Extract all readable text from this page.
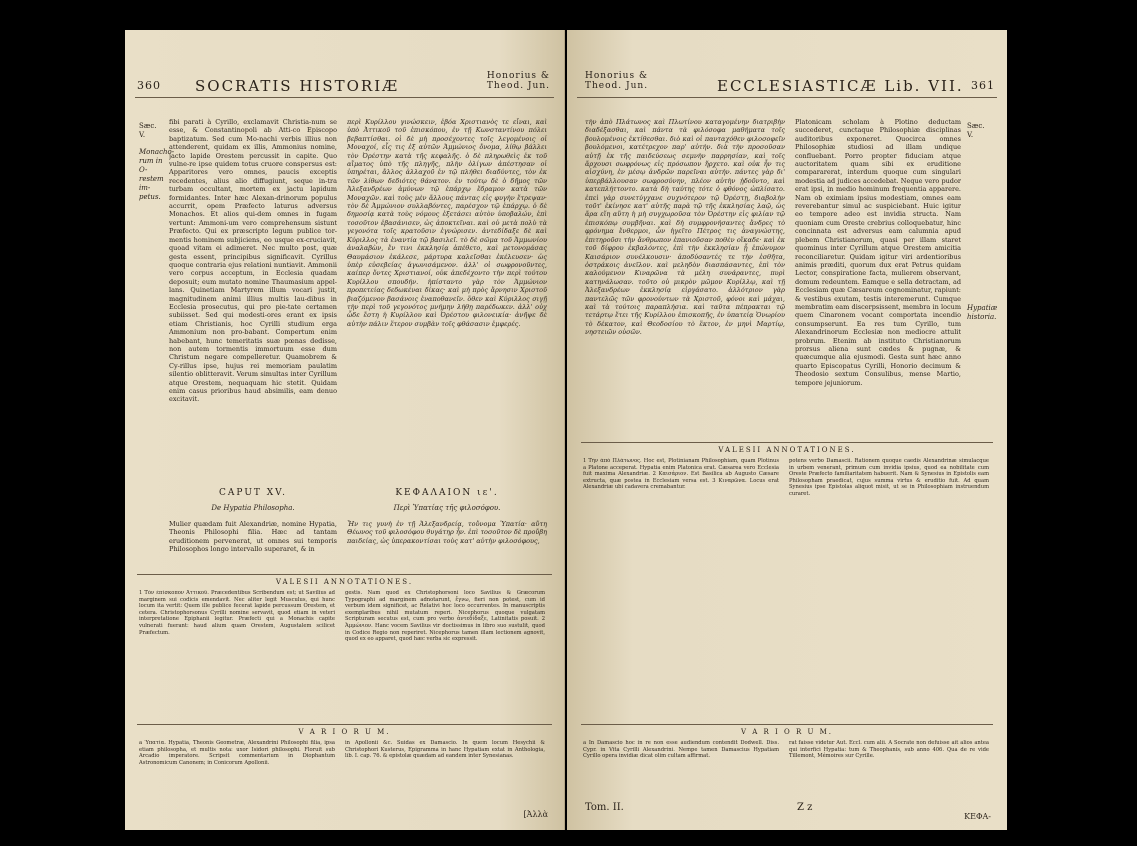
360 SOCRATIS HISTORIÆ
Honorius &
Theod. Jun.
Sæc.
V.
Monacho-
rum in O-
restem im-
petus.

fibi parati à Cyrillo, exclamavit Christia-num se esse, & Constantinopoli ab Atti-co Episcopo baptizatum. Sed cum Mo-nachi verbis illius non attenderent, quidam ex illis, Ammonius nomine, jacto lapide Orestem percussit in capite. Quo vulne-re ipse quidem totus cruore conspersus est: Apparitores vero omnes, paucis exceptis recedentes, alius alio diffugiunt, seque in-tra turbam occultant, mortem ex jactu lapidum formidantes. Inter hæc Alexan-drinorum populus accurrit, opem Præfecto laturus adversus Monachos. Et alios qui-dem omnes in fugam vertunt: Ammoni-um vero comprehensum sistunt Præfecto. Qui ex præscripto legum publice tor-mentis hominem subjiciens, eo usque ex-cruciavit, quoad vitam ei adimeret. Nec multo post, quæ gesta essent, principibus significavit. Cyrillus quoque contraria ejus relationi nuntiavit. Ammonii vero corpus acceptum, in Ecclesia quadam deposuit; eum mutato nomine Thaumasium appel-lans. Quinetiam Martyrem illum vocari justit, magnitudinem animi illius multis lau-dibus in Ecclesia prosecutus, qui pro pie-tate certamen subiisset. Sed qui modesti-ores erant ex ipsis etiam Christianis, hoc Cyrilli studium erga Ammonium non pro-babant. Compertum enim habebant, hunc temeritatis suæ pœnas dedisse, non autem tormentis immortuum esse dum Christum negare compelleretur. Quamobrem & Cy-rillus ipse, hujus rei memoriam paulatim silentio oblitteravit. Verum simultas inter Cyrillum atque Orestem, nequaquam hic stetit. Quidam enim casus prioribus haud absimilis, eam denuo excitavit.

περὶ Κυρίλλου γινώσκειν, ἐβόα Χριστιανὸς τε εἶναι, καὶ ὑπὸ Ἀττικοῦ τοῦ ἐπισκόπου, ἐν τῇ Κωνσταντίνου πόλει βεβαπτίσθαι. οἱ δὲ μὴ προσέχοντες τοῖς λεγομένοις οἱ Μοναχοί, εἷς τις ἐξ αὐτῶν Ἀμμώνιος ὄνομα, λίθῳ βάλλει τὸν Ὀρέστην κατὰ τῆς κεφαλῆς. ὁ δὲ πληρωθεὶς ἐκ τοῦ αἵματος ὑπὸ τῆς πληγῆς, πλὴν ὀλίγων ἀπέστησαν οἱ ὑπηρέται, ἄλλος ἀλλαχοῦ ἐν τῷ πλήθει διαδύντες, τὸν ἐκ τῶν λίθων δεδιότες θάνατον. ἐν τούτῳ δὲ ὁ δῆμος τῶν Ἀλεξανδρέων ἀμύνων τῷ ἐπάρχῳ ἔδραμον κατὰ τῶν Μοναχῶν. καὶ τοὺς μὲν ἄλλους πάντας εἰς φυγὴν ἔτρεψαν· τὸν δὲ Ἀμμώνιον συλλαβόντες, παρέσχον τῷ ἐπάρχῳ. ὁ δὲ δημοσίᾳ κατὰ τοὺς νόμους ἐξετάσει αὐτὸν ὑποβαλών, ἐπὶ τοσοῦτον ἐβασάνισεν, ὡς ἀποκτεῖναι. καὶ οὐ μετὰ πολὺ τὰ γεγονότα τοῖς κρατοῦσιν ἐγνώρισεν. ἀντεδίδαξε δὲ καὶ Κύριλλος τὰ ἐναντία τῷ βασιλεῖ. τὸ δὲ σῶμα τοῦ Ἀμμωνίου ἀναλαβὼν, ἔν τινι ἐκκλησίᾳ ἀπέθετο, καὶ μετονομάσας Θαυμάσιον ἐκάλεσε, μάρτυρα καλεῖσθαι ἐκέλευσεν· ὡς ὑπὲρ εὐσεβείας ἀγωνισάμενον. ἀλλ' οἱ σωφρονοῦντες, καίπερ ὄντες Χριστιανοί, οὐκ ἀπεδέχοντο τὴν περὶ τούτου Κυρίλλου σπουδήν. ἠπίσταντο γὰρ τὸν Ἀμμώνιον προπετείας δεδωκέναι δίκας· καὶ μὴ πρὸς ἄρνησιν Χριστοῦ βιαζόμενον βασάνοις ἐναποθανεῖν. ὅθεν καὶ Κύριλλος σιγῇ τὴν περὶ τοῦ γεγονότος μνήμην λήθῃ παρέδωκεν. ἀλλ' οὐχ ὧδε ἔστη ἡ Κυρίλλου καὶ Ὀρέστου φιλονεικία· ἀνῆψε δὲ αὐτὴν πάλιν ἕτερον συμβὰν τοῖς φθάσασιν ἐμφερές.

CAPUT XV.	ΚΕΦΑΛΑΙΟΝ ιε'.
De Hypatia Philosopha.	Περὶ Ὑπατίας τῆς φιλοσόφου.

Mulier quædam fuit Alexandriæ, nomine Hypatia, Theonis Philosophi filia. Hæc ad tantam eruditionem pervenerat, ut omnes sui temporis Philosophos longo intervallo superaret, & in

Ἦν τις γυνὴ ἐν τῇ Ἀλεξανδρείᾳ, τοὔνομα Ὑπατία· αὕτη Θέωνος τοῦ φιλοσόφου θυγάτηρ ἦν. ἐπὶ τοσοῦτον δὲ προὔβη παιδείας, ὡς ὑπερακοντίσαι τοὺς κατ' αὐτὴν φιλοσόφους,

VALESII ANNOTATIONES.
1 Τὸν ἐπίσκοπον Ἀττικοῦ. Præcedentibus Scribendum est; ut Savilius ad marginem sui codicis emendavit. Nec aliter legit Musculus, qui hunc locum ita vertit: Quem ille publice fecerat lapide percussum Orestem, et cetera. Christophorsonus Cyrilli nomine servavit, quod etiam in veteri interpretatione Epiphanii legitur. Præfecti qui a Monachis capite vulnerati fuerant: haud alium quam Orestem, Augustalem scilicet Præfectum.
gestis. Nam quod ex Christophorsoni loco Savilius & Græcorum Typographi ad marginem adnotarunt, ἔγνω, fieri non potest, cum id verbum idem significet, ac Relativi hoc loco occurrentes. In manuscriptis exemplaribus nihil mutatum reperi. Nicephorus quoque vulgatam Scripturam secutus est, cum pro verbo ἀντεδίδαξε, Latinitatis posuit. 2 Ἀμμώνιον. Hanc vocem Savilius vir doctissimus in libro suo sustulit, quod in Codice Regio non reperiret. Nicephorus tamen illam lectionem agnovit, quod ex eo apparet, quod hæc verba sic expressit.
V A R I O R U M.
a Ὑπατία. Hypatia, Theonis Geometræ, Alexandrini Philosophi filia, ipsa etiam philosopha, et multis nota: uxor Isidori philosophi. Floruit sub Arcadio imperatore. Scripsit commentarium in Diophantum Astronomicum Canonem; in Conicorum Apollonii.
in Apollonii &c. Suidas ex Damascio. In quem locum Hesychii & Christophori Kusterus, Epigramma in hanc Hypatiam extat in Anthologia, lib. I. cap. 76. & epistolæ quædam ad eandem inter Synesianas.
[Ἀλλὰ
Honorius &
Theod. Jun.	ECCLESIASTICÆ Lib. VII. 361

τὴν ἀπὸ Πλάτωνος καὶ Πλωτίνου καταγομένην διατριβὴν διαδέξασθαι, καὶ πάντα τὰ φιλόσοφα μαθήματα τοῖς βουλομένοις ἐκτίθεσθαι. διὸ καὶ οἱ πανταχόθεν φιλοσοφεῖν βουλόμενοι, κατέτρεχον παρ' αὐτήν. διὰ τὴν προσοῦσαν αὐτῇ ἐκ τῆς παιδεύσεως σεμνὴν παρρησίαν, καὶ τοῖς ἄρχουσι σωφρόνως εἰς πρόσωπον ἤρχετο. καὶ οὐκ ἦν τις αἰσχύνη, ἐν μέσῳ ἀνδρῶν παρεῖναι αὐτήν. πάντες γὰρ δι' ὑπερβάλλουσαν σωφροσύνην, πλέον αὐτὴν ᾐδοῦντο, καὶ κατεπλήττοντο. κατὰ δὴ ταύτης τότε ὁ φθόνος ὡπλίσατο. ἐπεὶ γὰρ συνετύγχανε συχνότερον τῷ Ὀρέστῃ, διαβολὴν τοῦτ' ἐκίνησε κατ' αὐτῆς παρὰ τῷ τῆς ἐκκλησίας λαῷ, ὡς ἄρα εἴη αὕτη ἡ μὴ συγχωροῦσα τὸν Ὀρέστην εἰς φιλίαν τῷ ἐπισκόπῳ συμβῆναι. καὶ δὴ συμφρονήσαντες ἄνδρες τὸ φρόνημα ἔνθερμοι, ὧν ἡγεῖτο Πέτρος τις ἀναγνώστης, ἐπιτηροῦσι τὴν ἄνθρωπον ἐπανιοῦσαν ποθὲν οἴκαδε· καὶ ἐκ τοῦ δίφρου ἐκβαλόντες, ἐπὶ τὴν ἐκκλησίαν ᾗ ἐπώνυμον Καισάριον συνέλκουσιν· ἀποδύσαντές τε τὴν ἐσθῆτα, ὀστράκοις ἀνεῖλον. καὶ μεληδὸν διασπάσαντες, ἐπὶ τὸν καλούμενον Κιναρῶνα τὰ μέλη συνάραντες, πυρὶ κατηνάλωσαν. τοῦτο οὐ μικρὸν μῶμον Κυρίλλῳ, καὶ τῇ Ἀλεξανδρέων ἐκκλησίᾳ εἰργάσατο. ἀλλότριον γὰρ παντελῶς τῶν φρονούντων τὰ Χριστοῦ, φόνοι καὶ μάχαι, καὶ τὰ τούτοις παραπλήσια. καὶ ταῦτα πέπρακται τῷ τετάρτῳ ἔτει τῆς Κυρίλλου ἐπισκοπῆς, ἐν ὑπατείᾳ Ὁνωρίου τὸ δέκατον, καὶ Θεοδοσίου τὸ ἕκτον, ἐν μηνὶ Μαρτίῳ, νηστειῶν οὐσῶν.

Platonicam scholam à Plotino deductam succederet, cunctaque Philosophiæ disciplinas auditoribus exponeret. Quocirca omnes Philosophiæ studiosi ad illam undique confluebant. Porro propter fiduciam atque auctoritatem quam sibi ex eruditione compararerat, interdum quoque cum singulari modestia ad judices accedebat. Neque vero pudor erat ipsi, in medio hominum frequentia apparere. Nam ob eximiam ipsius modestiam, omnes eam reverebantur simul ac suspiciebant. Huic igitur eo tempore adeo est invidia structa. Nam quoniam cum Oreste crebrius colloquebatur, hinc concinnata est adversus eam calumnia apud plebem Christianorum, quasi per illam staret quominus inter Cyrillum atque Orestem amicitia reconciliaretur. Quidam igitur viri ardentioribus animis præditi, quorum dux erat Petrus quidam Lector, conspiratione facta, mulierem observant, domum redeuntem. Eamque e sella detractam, ad Ecclesiam quæ Cæsareum cognominatur, rapiunt: & vestibus exutam, testis interemerunt. Cumque membratim eam discerpsissent, membra in locum quem Cinaronem vocant comportata incendio consumpserunt. Ea res tum Cyrillo, tum Alexandrinorum Ecclesiæ non mediocre attulit probrum. Etenim ab instituto Christianorum prorsus aliena sunt cædes & pugnæ, & quæcumque alia ejusmodi. Gesta sunt hæc anno quarto Episcopatus Cyrilli, Honorio decimum & Theodosio sextum Consulibus, mense Martio, tempore jejuniorum.

Sæc.
V.
Hypatiæ
historia.
VALESII ANNOTATIONES.
1 Τὴν ἀπὸ Πλάτωνος. Hoc est, Plotinianam Philosophiam, quam Plotinus a Platone acceperat. Hypatia enim Platonica erat. Cæsarea vero Ecclesia fuit maxima Alexandriæ. 2 Καισάριον. Est Basilica ab Augusto Cæsare extructa, quæ postea in Ecclesiam versa est. 3 Κιναρῶνα. Locus erat Alexandriæ ubi cadavera cremabantur.
potens verbo Damascii. Rationem quoque caedis Alexandrinæ simulacque in urbem venerant, primum cum invidia ipsius, quod ea nobilitate cum Oreste Præfecto familiaritatem habuerit. Nam & Synesius in Epistolis eam Philosopham praedicat, cujus summa virtus & eruditio fuit. Ad quam Synesius ipse Epistolas aliquot misit, ut se in Philosophiam instruendum curaret.
V A R I O R U M.
a In Damascio hoc in re non esse audiendum contendit Dodwell. Diss. Cypr. in Vita Cyrilli Alexandrini. Nempe tamen Damascius Hypatiam Cyrillo opera invidiæ dicat olim cultam affirmat.
rat faisse videtur Aut. Eccl. cum alii. A Socrate non defuisse ait alios antea qui interfici Hypatia: tum & Theophanis, sub anno 406. Qua de re vide Tillemont, Mémoires sur Cyrille.
Tom. II.	Z z
ΚΕΦΑ-
